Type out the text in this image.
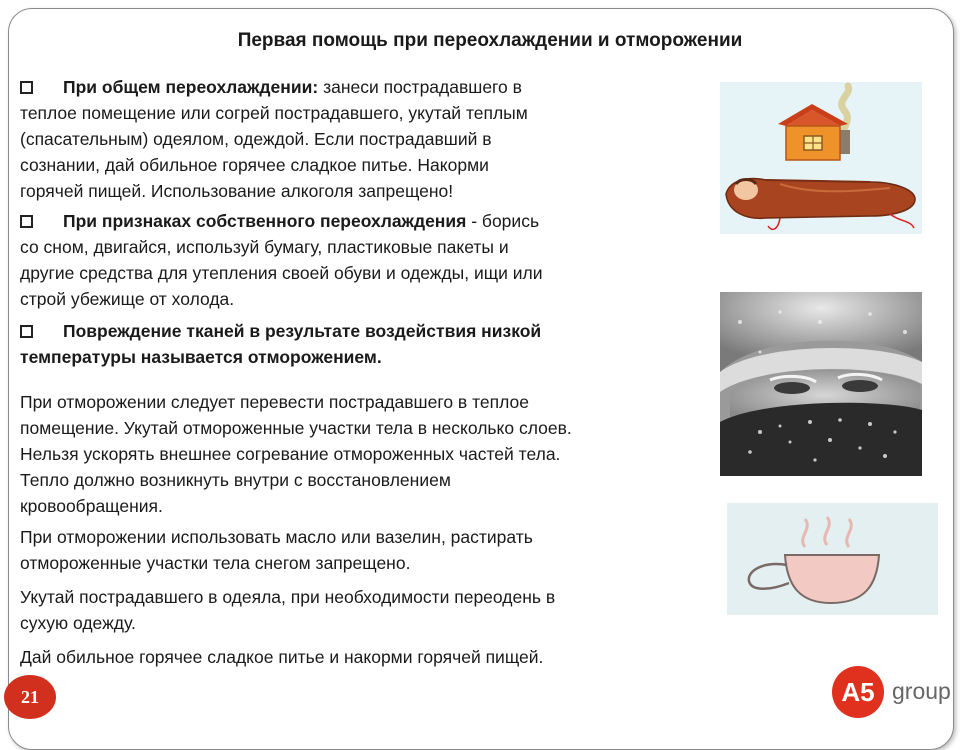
Первая помощь при переохлаждении и отморожении
При общем переохлаждении: занеси пострадавшего в
теплое помещение или согрей пострадавшего, укутай теплым
(спасательным) одеялом, одеждой. Если пострадавший в
сознании, дай обильное горячее сладкое питье. Накорми
горячей пищей. Использование алкоголя запрещено!
При признаках собственного переохлаждения - борись
со сном, двигайся, используй бумагу, пластиковые пакеты и
другие средства для утепления своей обуви и одежды, ищи или
строй убежище от холода.
Повреждение тканей в результате воздействия низкой
температуры называется отморожением.
При отморожении следует перевести пострадавшего в теплое
помещение. Укутай отмороженные участки тела в несколько слоев.
Нельзя ускорять внешнее согревание отмороженных частей тела.
Тепло должно возникнуть внутри с восстановлением
кровообращения.
При отморожении использовать масло или вазелин, растирать
отмороженные участки тела снегом запрещено.
Укутай пострадавшего в одеяла, при необходимости переодень в
сухую одежду.
Дай обильное горячее сладкое питье и накорми горячей пищей.
21	A5 group
